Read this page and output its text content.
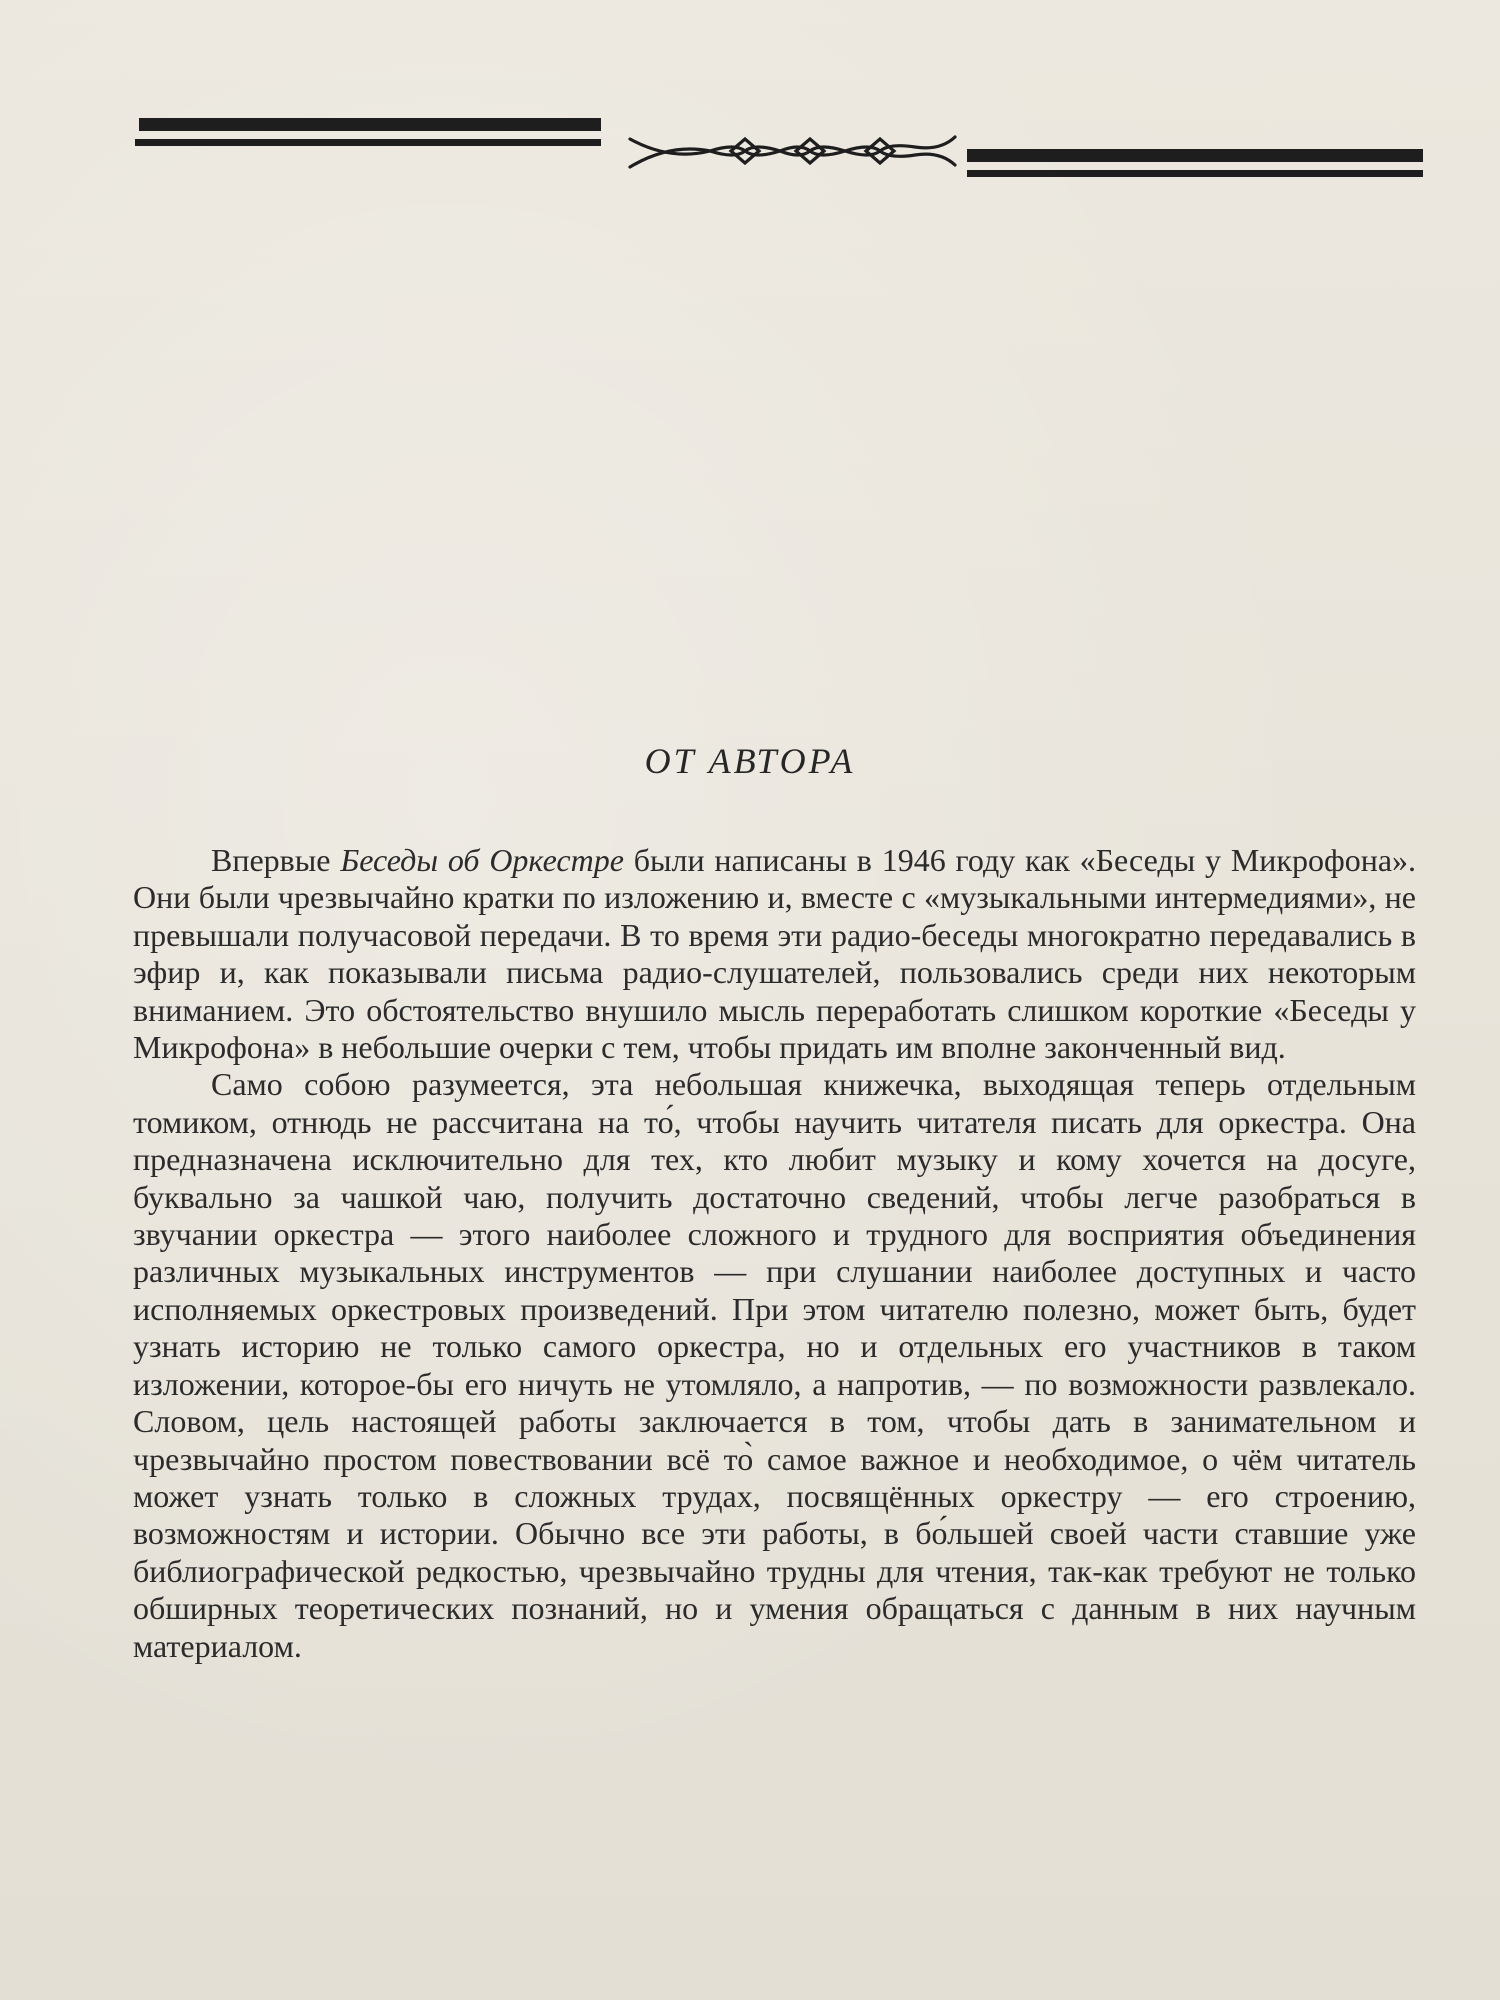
ОТ АВТОРА

Впервые Беседы об Оркестре были написаны в 1946 году как «Беседы у Микрофона». Они были чрезвычайно кратки по изложению и, вместе с «музыкальными интермедиями», не превышали получасовой передачи. В то время эти радио-беседы многократно передавались в эфир и, как показывали письма радио-слушателей, пользовались среди них некоторым вниманием. Это обстоятельство внушило мысль переработать слишком короткие «Беседы у Микрофона» в небольшие очерки с тем, чтобы придать им вполне законченный вид.

Само собою разумеется, эта небольшая книжечка, выходящая теперь отдельным томиком, отнюдь не рассчитана на то́, чтобы научить читателя писать для оркестра. Она предназначена исключительно для тех, кто любит музыку и кому хочется на досуге, буквально за чашкой чаю, получить достаточно сведений, чтобы легче разобраться в звучании оркестра — этого наиболее сложного и трудного для восприятия объединения различных музыкальных инструментов — при слушании наиболее доступных и часто исполняемых оркестровых произведений. При этом читателю полезно, может быть, будет узнать историю не только самого оркестра, но и отдельных его участников в таком изложении, которое-бы его ничуть не утомляло, а напротив, — по возможности развлекало. Словом, цель настоящей работы заключается в том, чтобы дать в занимательном и чрезвычайно простом повествовании всё то̀ самое важное и необходимое, о чём читатель может узнать только в сложных трудах, посвящённых оркестру — его строению, возможностям и истории. Обычно все эти работы, в бо́льшей своей части ставшие уже библиографической редкостью, чрезвычайно трудны для чтения, так-как требуют не только обширных теоретических познаний, но и умения обращаться с данным в них научным материалом.
